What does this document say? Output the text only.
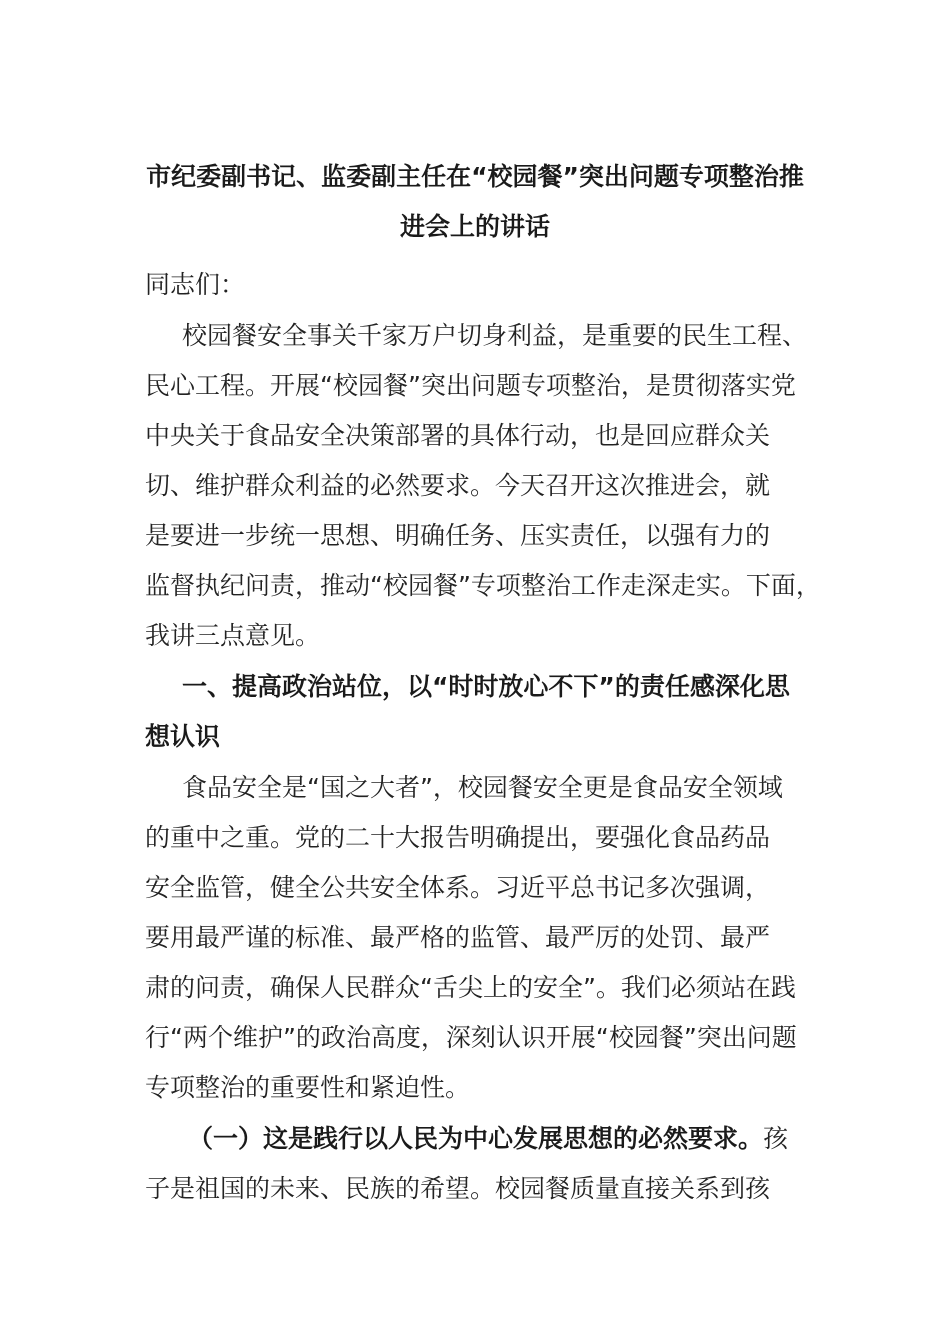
市纪委副书记、监委副主任在“校园餐”突出问题专项整治推
进会上的讲话
同志们：
校园餐安全事关千家万户切身利益，是重要的民生工程、
民心工程。开展“校园餐”突出问题专项整治，是贯彻落实党
中央关于食品安全决策部署的具体行动，也是回应群众关
切、维护群众利益的必然要求。今天召开这次推进会，就
是要进一步统一思想、明确任务、压实责任，以强有力的
监督执纪问责，推动“校园餐”专项整治工作走深走实。下面，
我讲三点意见。
一、提高政治站位，以“时时放心不下”的责任感深化思
想认识
食品安全是“国之大者”，校园餐安全更是食品安全领域
的重中之重。党的二十大报告明确提出，要强化食品药品
安全监管，健全公共安全体系。习近平总书记多次强调，
要用最严谨的标准、最严格的监管、最严厉的处罚、最严
肃的问责，确保人民群众“舌尖上的安全”。我们必须站在践
行“两个维护”的政治高度，深刻认识开展“校园餐”突出问题
专项整治的重要性和紧迫性。
（一）这是践行以人民为中心发展思想的必然要求。孩
子是祖国的未来、民族的希望。校园餐质量直接关系到孩
